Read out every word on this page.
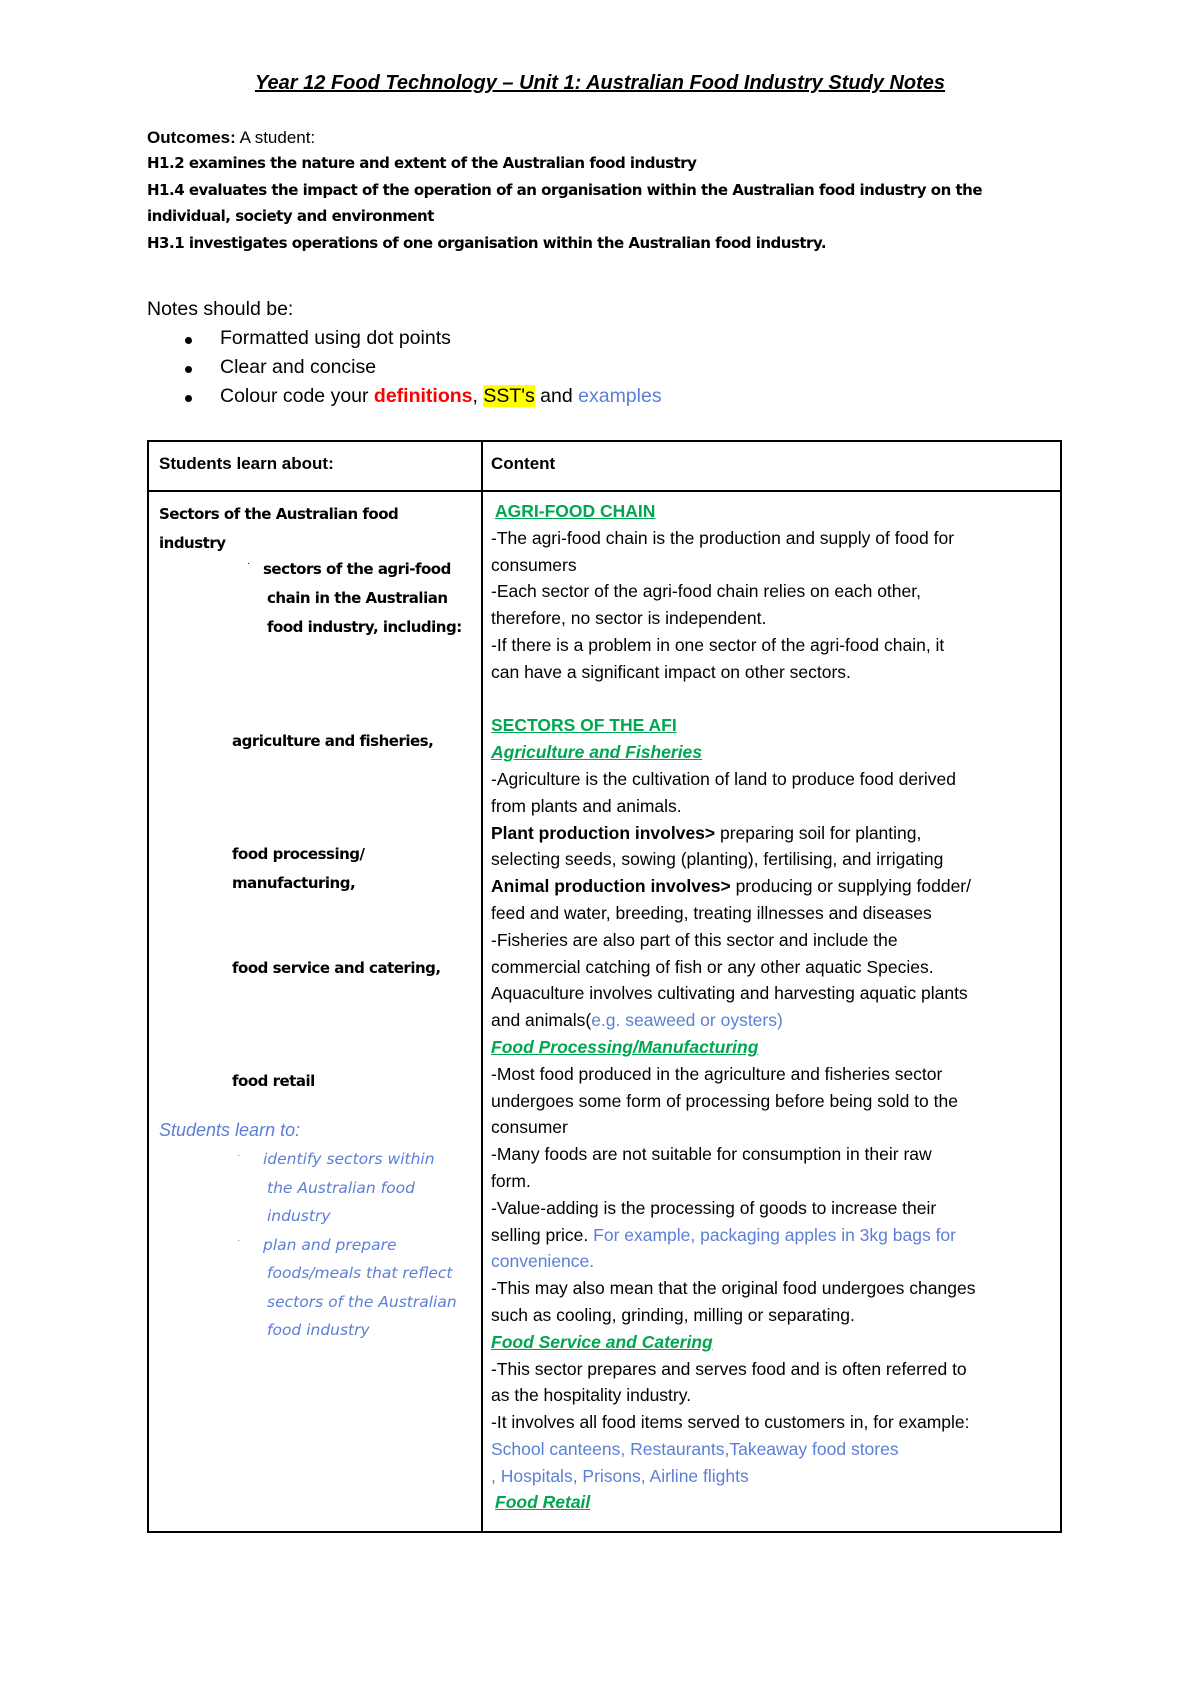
Year 12 Food Technology – Unit 1: Australian Food Industry Study Notes
Outcomes: A student:
H1.2 examines the nature and extent of the Australian food industry
H1.4 evaluates the impact of the operation of an organisation within the Australian food industry on the
individual, society and environment
H3.1 investigates operations of one organisation within the Australian food industry.
Notes should be:
Formatted using dot points
Clear and concise
Colour code your definitions, SST's and examples
Students learn about:	Content
Sectors of the Australian food
industry
· sectors of the agri-food
chain in the Australian
food industry, including:
agriculture and fisheries,
food processing/
manufacturing,
food service and catering,
food retail
Students learn to:
· identify sectors within
the Australian food
industry
· plan and prepare
foods/meals that reflect
sectors of the Australian
food industry

AGRI-FOOD CHAIN

-The agri-food chain is the production and supply of food for

consumers

-Each sector of the agri-food chain relies on each other,

therefore, no sector is independent.

-If there is a problem in one sector of the agri-food chain, it

can have a significant impact on other sectors.

SECTORS OF THE AFI

Agriculture and Fisheries

-Agriculture is the cultivation of land to produce food derived

from plants and animals.

Plant production involves> preparing soil for planting,

selecting seeds, sowing (planting), fertilising, and irrigating

Animal production involves> producing or supplying fodder/

feed and water, breeding, treating illnesses and diseases

-Fisheries are also part of this sector and include the

commercial catching of fish or any other aquatic Species.

Aquaculture involves cultivating and harvesting aquatic plants

and animals(e.g. seaweed or oysters)

Food Processing/Manufacturing

-Most food produced in the agriculture and fisheries sector

undergoes some form of processing before being sold to the

consumer

-Many foods are not suitable for consumption in their raw

form.

-Value-adding is the processing of goods to increase their

selling price. For example, packaging apples in 3kg bags for

convenience.

-This may also mean that the original food undergoes changes

such as cooling, grinding, milling or separating.

Food Service and Catering

-This sector prepares and serves food and is often referred to

as the hospitality industry.

-It involves all food items served to customers in, for example:

School canteens, Restaurants,Takeaway food stores

, Hospitals, Prisons, Airline flights

Food Retail
